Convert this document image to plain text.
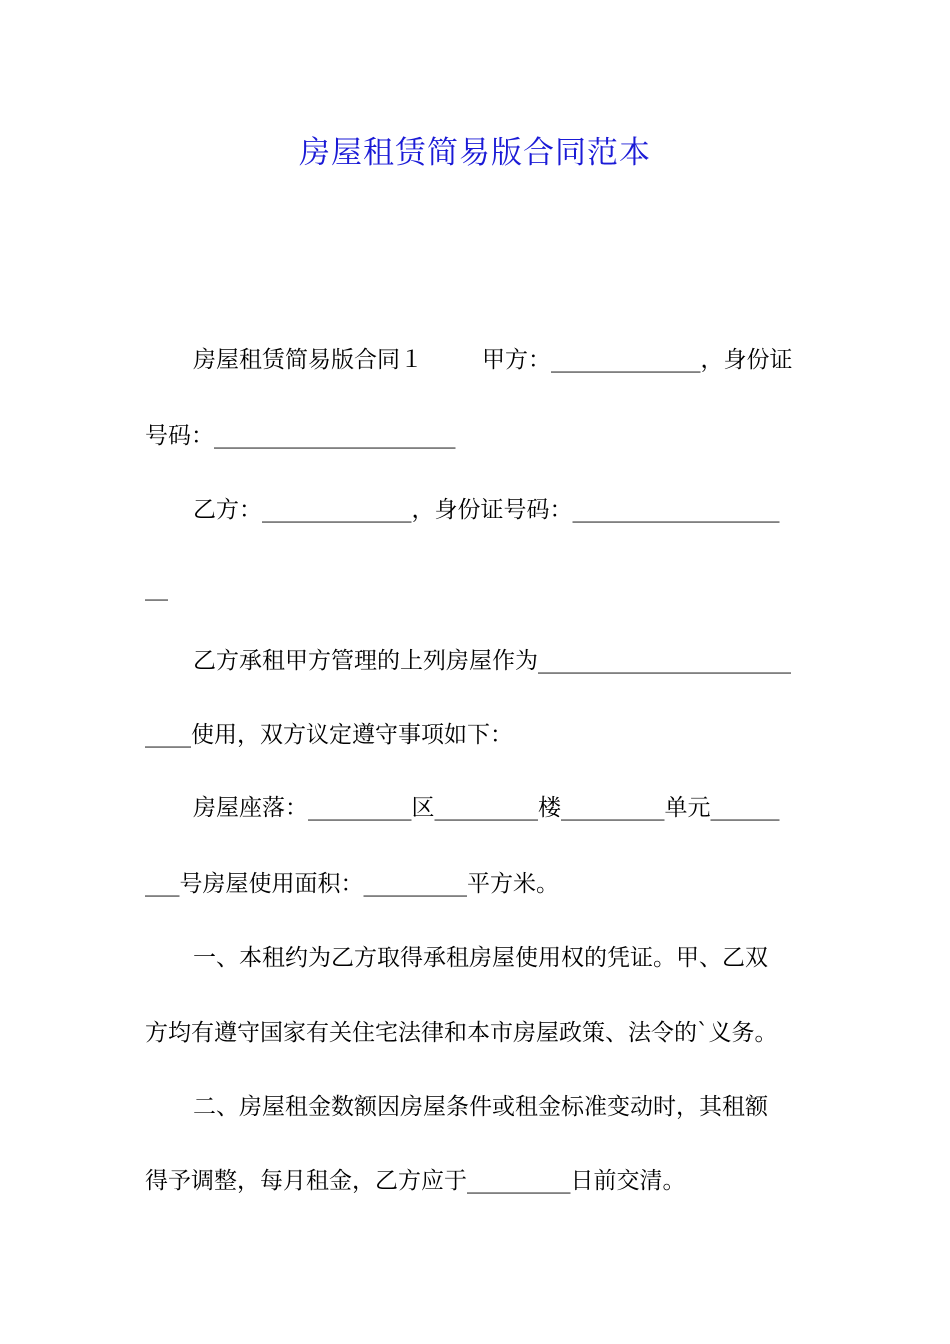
房屋租赁简易版合同范本

房屋租赁简易版合同１

	甲方：_____________，身份证

号码：_____________________

乙方：_____________，身份证号码：__________________

__

乙方承租甲方管理的上列房屋作为______________________

____使用，双方议定遵守事项如下：

房屋座落：_________区_________楼_________单元______

___号房屋使用面积：_________平方米。

一、本租约为乙方取得承租房屋使用权的凭证。甲、乙双

方均有遵守国家有关住宅法律和本市房屋政策、法令的`义务。

二、房屋租金数额因房屋条件或租金标准变动时，其租额

得予调整，每月租金，乙方应于_________日前交清。
